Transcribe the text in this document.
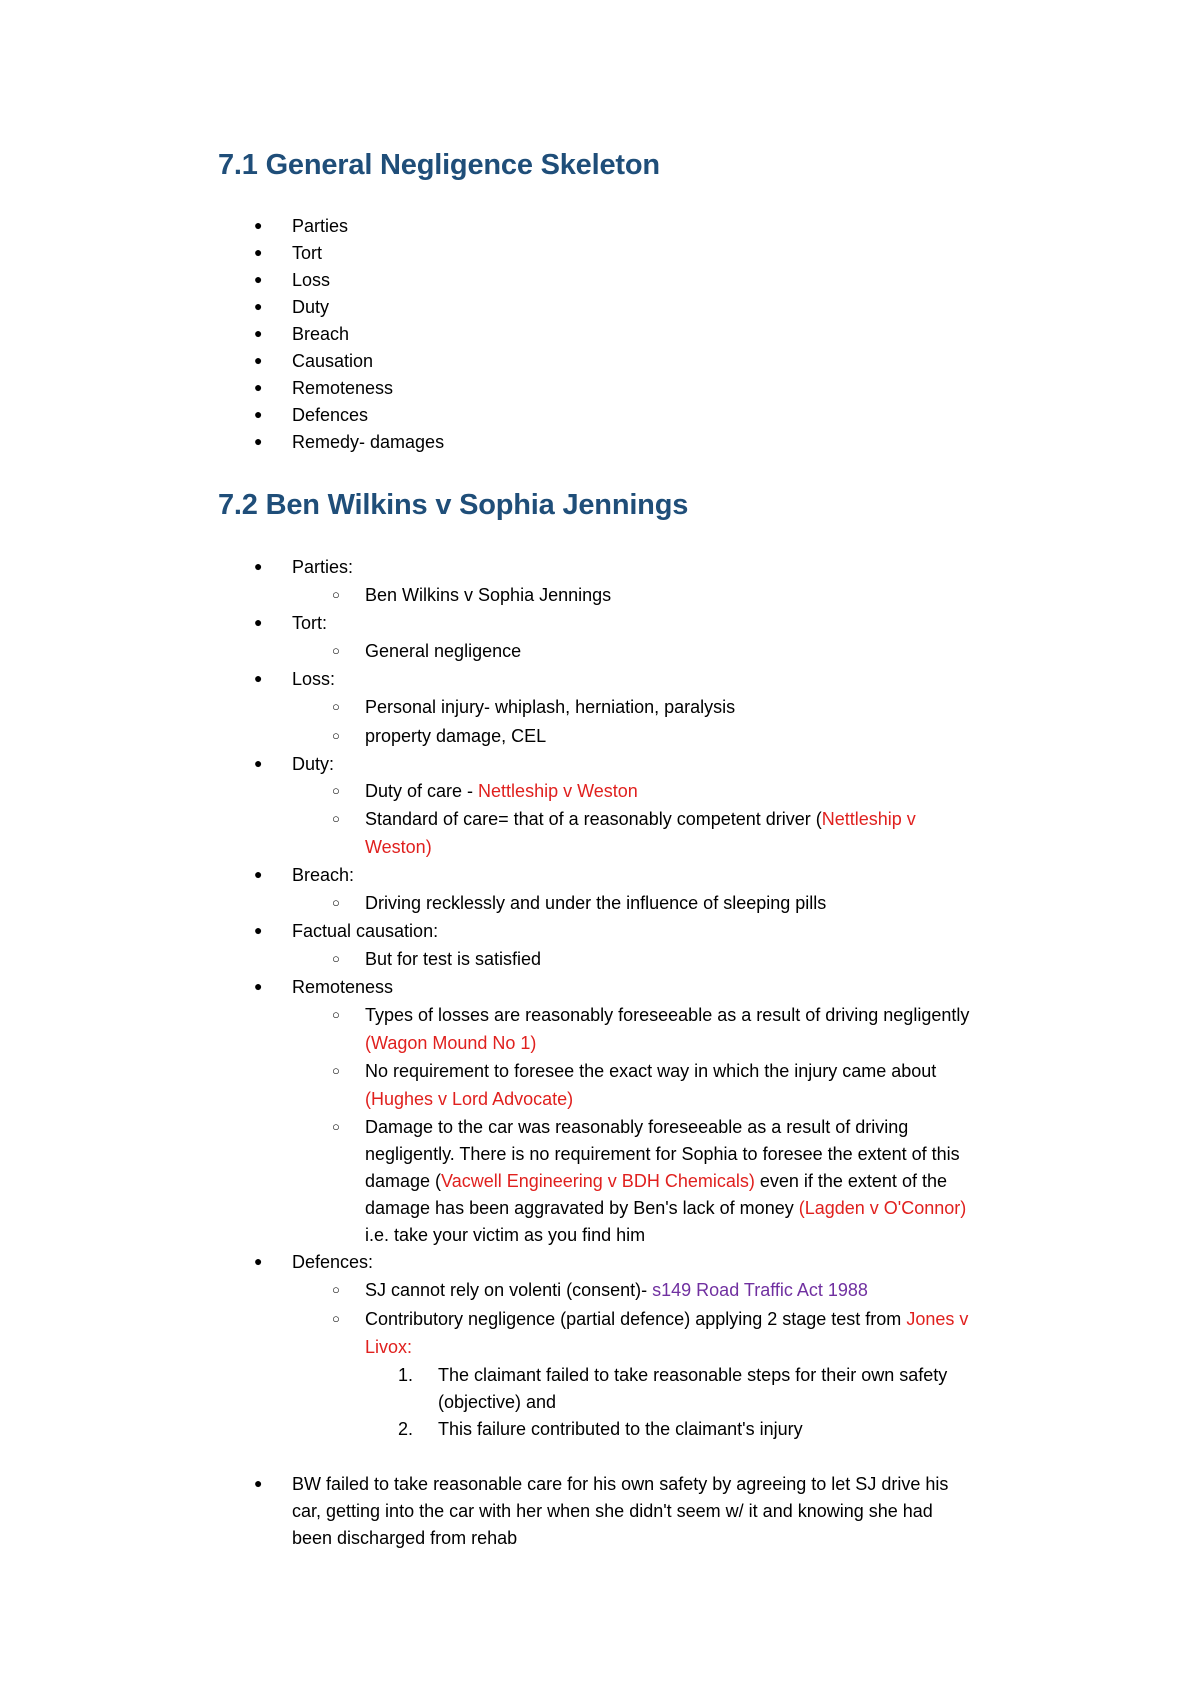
7.1 General Negligence Skeleton
● Parties
● Tort
● Loss
● Duty
● Breach
● Causation
● Remoteness
● Defences
● Remedy- damages
7.2 Ben Wilkins v Sophia Jennings
● Parties:
○ Ben Wilkins v Sophia Jennings
● Tort:
○ General negligence
● Loss:
○ Personal injury- whiplash, herniation, paralysis
○ property damage, CEL
● Duty:
○ Duty of care - Nettleship v Weston
○ Standard of care= that of a reasonably competent driver (Nettleship v
Weston)
● Breach:
○ Driving recklessly and under the influence of sleeping pills
● Factual causation:
○ But for test is satisfied
● Remoteness
○ Types of losses are reasonably foreseeable as a result of driving negligently
(Wagon Mound No 1)
○ No requirement to foresee the exact way in which the injury came about
(Hughes v Lord Advocate)
○ Damage to the car was reasonably foreseeable as a result of driving
negligently. There is no requirement for Sophia to foresee the extent of this
damage (Vacwell Engineering v BDH Chemicals) even if the extent of the
damage has been aggravated by Ben's lack of money (Lagden v O'Connor)
i.e. take your victim as you find him
● Defences:
○ SJ cannot rely on volenti (consent)- s149 Road Traffic Act 1988
○ Contributory negligence (partial defence) applying 2 stage test from Jones v
Livox:
1. The claimant failed to take reasonable steps for their own safety
(objective) and
2. This failure contributed to the claimant's injury
● BW failed to take reasonable care for his own safety by agreeing to let SJ drive his
car, getting into the car with her when she didn't seem w/ it and knowing she had
been discharged from rehab
